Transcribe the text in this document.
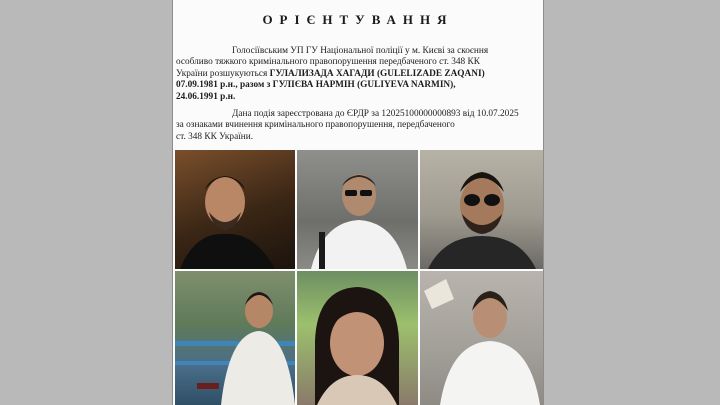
ОРІЄНТУВАННЯ
Голосіївським УП ГУ Національної поліції у м. Києві за скоєння
особливо тяжкого кримінального правопорушення передбаченого ст. 348 КК
України розшукуються ГУЛАЛИЗАДА ХАГАДИ (GULELIZADE ZAQANI)
07.09.1981 р.н., разом з ГУЛІЄВА НАРМІН (GULIYEVA NARMIN),
24.06.1991 р.н.
Дана подія зареєстрована до ЄРДР за 12025100000000893 від 10.07.2025
за ознаками вчинення кримінального правопорушення, передбаченого
ст. 348 КК України.
